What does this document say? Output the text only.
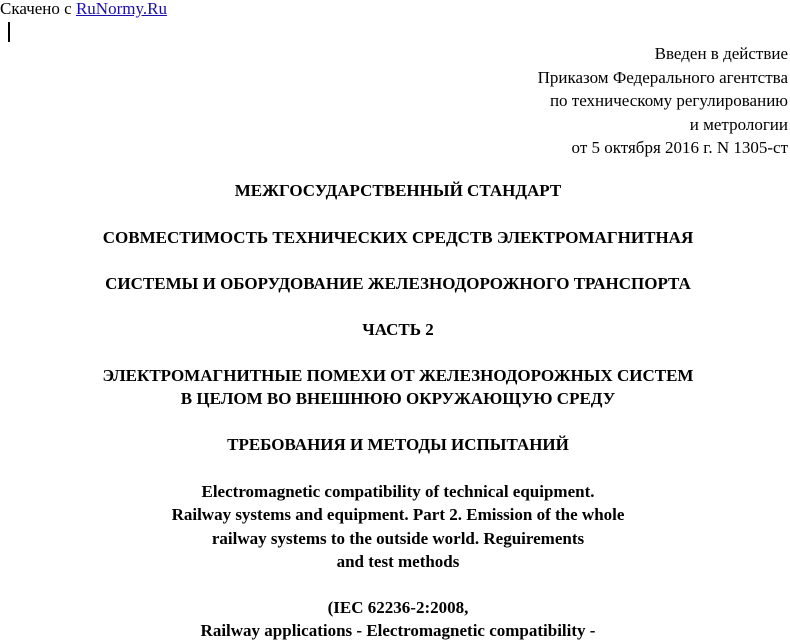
Скачено с RuNormy.Ru
Введен в действие
Приказом Федерального агентства
по техническому регулированию
и метрологии
от 5 октября 2016 г. N 1305-ст
МЕЖГОСУДАРСТВЕННЫЙ СТАНДАРТ
СОВМЕСТИМОСТЬ ТЕХНИЧЕСКИХ СРЕДСТВ ЭЛЕКТРОМАГНИТНАЯ
СИСТЕМЫ И ОБОРУДОВАНИЕ ЖЕЛЕЗНОДОРОЖНОГО ТРАНСПОРТА
ЧАСТЬ 2
ЭЛЕКТРОМАГНИТНЫЕ ПОМЕХИ ОТ ЖЕЛЕЗНОДОРОЖНЫХ СИСТЕМ
В ЦЕЛОМ ВО ВНЕШНЮЮ ОКРУЖАЮЩУЮ СРЕДУ
ТРЕБОВАНИЯ И МЕТОДЫ ИСПЫТАНИЙ
Electromagnetic compatibility of technical equipment.
Railway systems and equipment. Part 2. Emission of the whole
railway systems to the outside world. Reguirements
and test methods
(IEC 62236-2:2008,
Railway applications - Electromagnetic compatibility -
